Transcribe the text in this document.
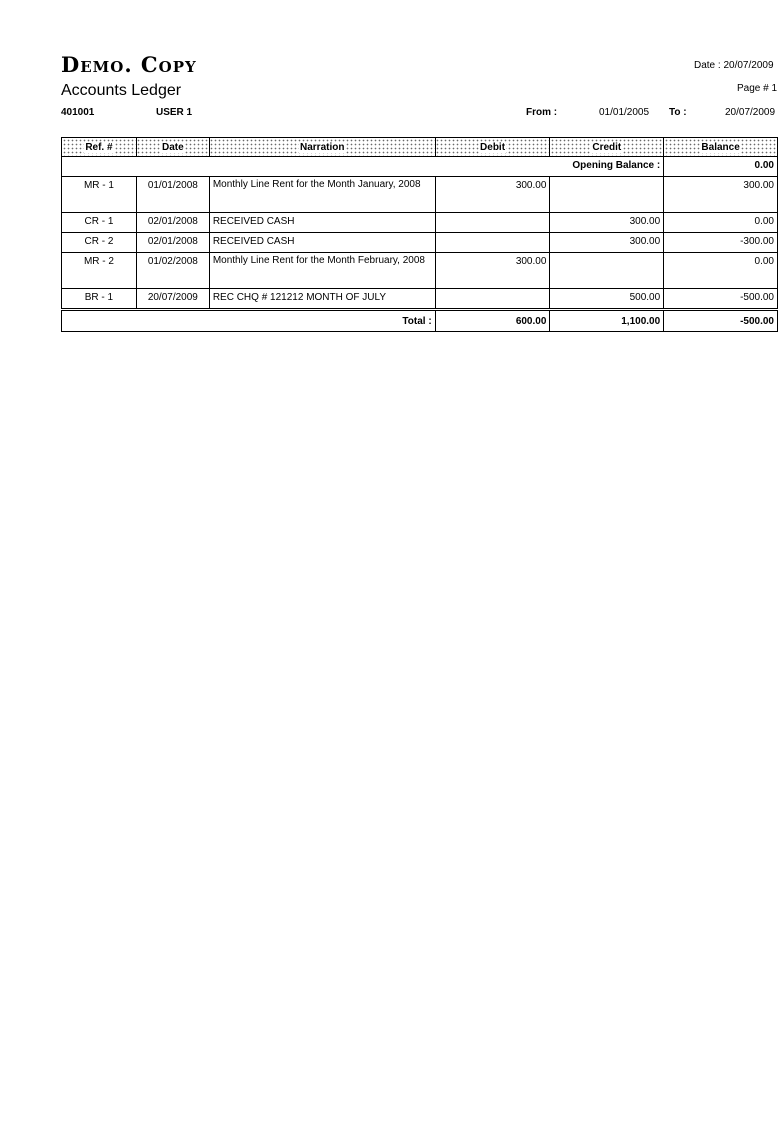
Demo. Copy
Accounts Ledger
Date : 20/07/2009
Page # 1
401001	USER 1	From :	01/01/2005 To :	20/07/2009
Ref. #	Date	Narration	Debit	Credit	Balance
Opening Balance :					0.00
MR - 1	01/01/2008	Monthly Line Rent for the Month January, 2008	300.00		300.00
CR - 1	02/01/2008	RECEIVED CASH		300.00	0.00
CR - 2	02/01/2008	RECEIVED CASH		300.00	-300.00
MR - 2	01/02/2008	Monthly Line Rent for the Month February, 2008	300.00		0.00
BR - 1	20/07/2009	REC CHQ # 121212 MONTH OF JULY		500.00	-500.00

Total :			600.00	1,100.00	-500.00
